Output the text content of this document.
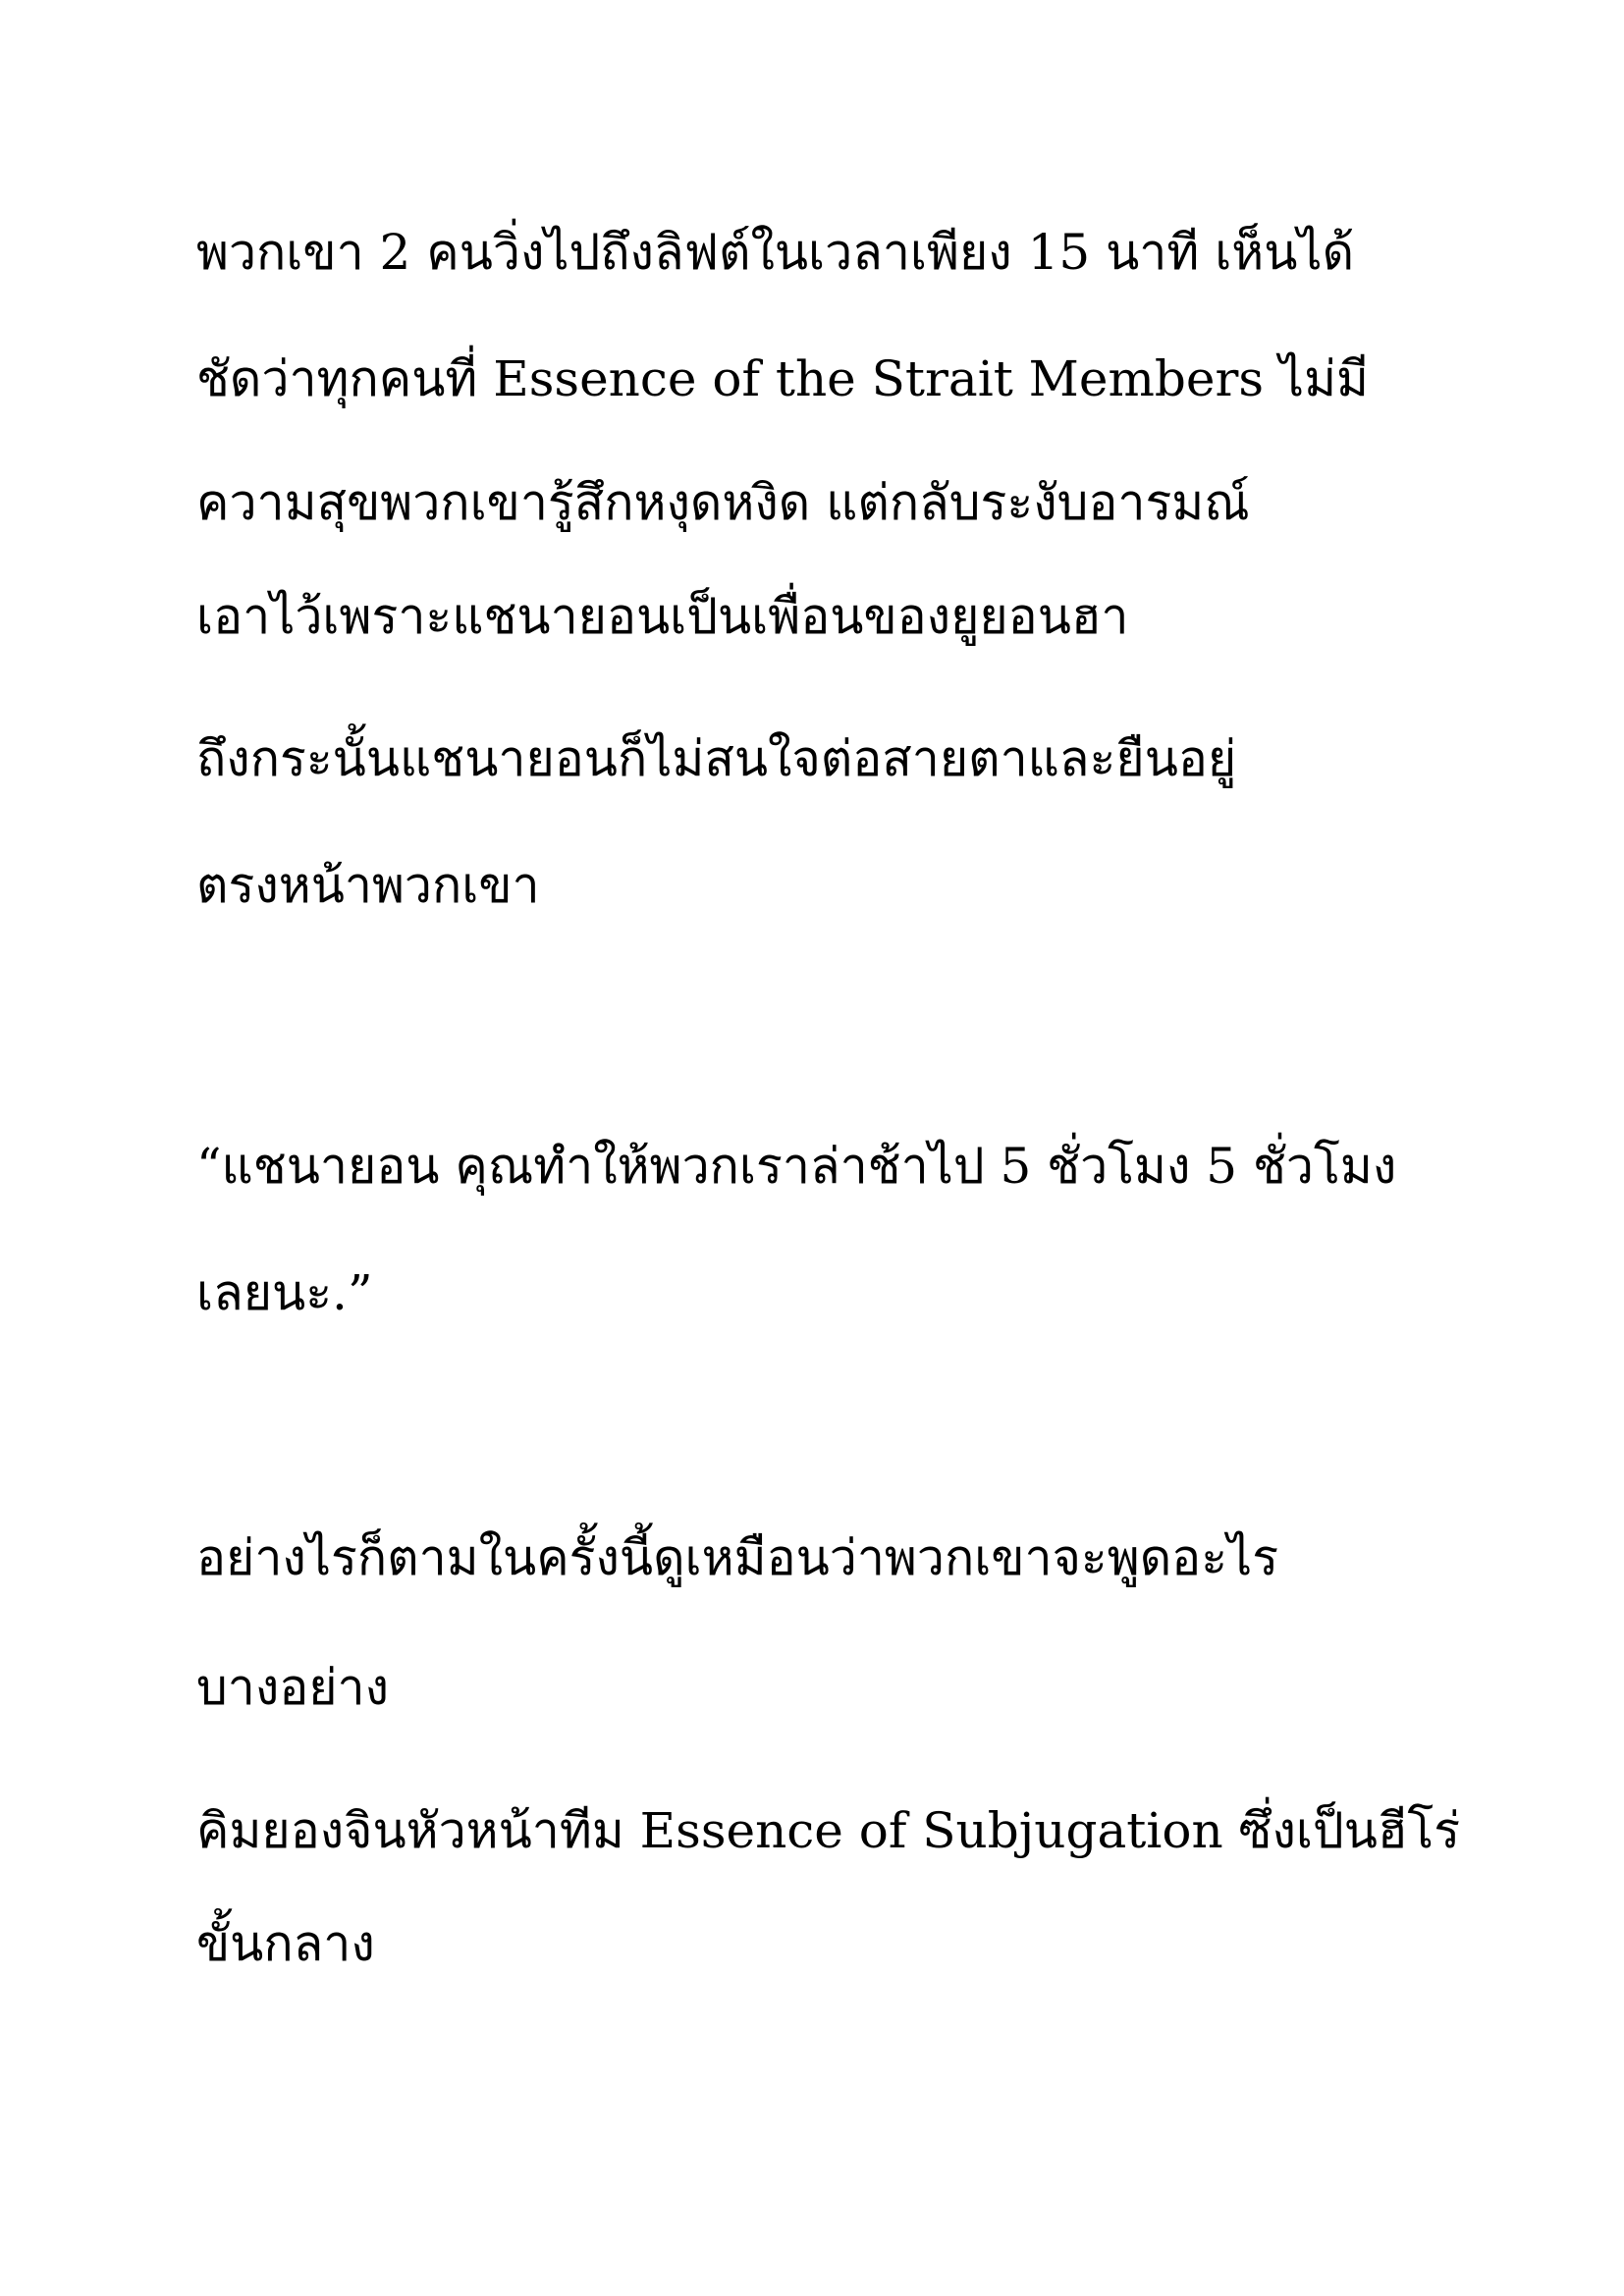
พวกเขา 2 คนวิ่งไปถึงลิฟต์ในเวลาเพียง 15 นาที เห็นได้

ชัดว่าทุกคนที่ Essence of the Strait Members ไม่มี

ความสุขพวกเขารู้สึกหงุดหงิด แต่กลับระงับอารมณ์

เอาไว้เพราะแชนายอนเป็นเพื่อนของยูยอนฮา

ถึงกระนั้นแชนายอนก็ไม่สนใจต่อสายตาและยืนอยู่

ตรงหน้าพวกเขา

“แชนายอน คุณทำให้พวกเราล่าช้าไป 5 ชั่วโมง 5 ชั่วโมง

เลยนะ.”

อย่างไรก็ตามในครั้งนี้ดูเหมือนว่าพวกเขาจะพูดอะไร

บางอย่าง

คิมยองจินหัวหน้าทีม Essence of Subjugation ซึ่งเป็นฮีโร่

ขั้นกลาง
